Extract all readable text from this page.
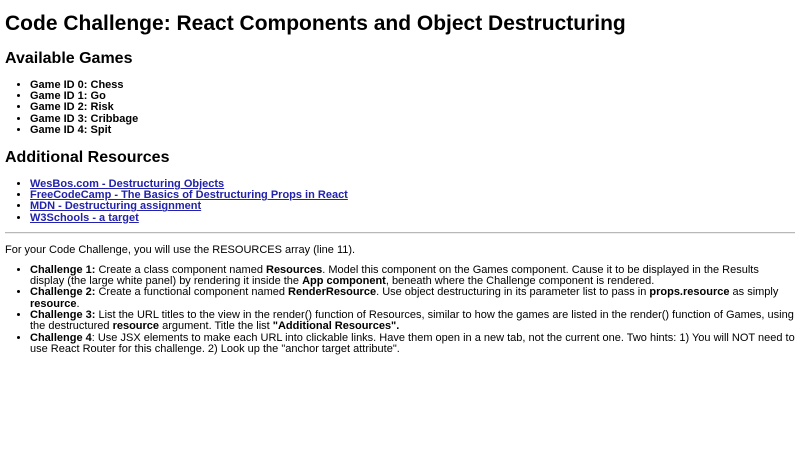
Code Challenge: React Components and Object Destructuring
Available Games
• Game ID 0: Chess
• Game ID 1: Go
• Game ID 2: Risk
• Game ID 3: Cribbage
• Game ID 4: Spit
Additional Resources
• WesBos.com - Destructuring Objects
• FreeCodeCamp - The Basics of Destructuring Props in React
• MDN - Destructuring assignment
• W3Schools - a target

For your Code Challenge, you will use the RESOURCES array (line 11).

• Challenge 1: Create a class component named Resources. Model this component on the Games component. Cause it to be displayed in the Results display (the large white panel) by rendering it inside the App component, beneath where the Challenge component is rendered.
• Challenge 2: Create a functional component named RenderResource. Use object destructuring in its parameter list to pass in props.resource as simply resource.
• Challenge 3: List the URL titles to the view in the render() function of Resources, similar to how the games are listed in the render() function of Games, using the destructured resource argument. Title the list "Additional Resources".
• Challenge 4: Use JSX elements to make each URL into clickable links. Have them open in a new tab, not the current one. Two hints: 1) You will NOT need to use React Router for this challenge. 2) Look up the "anchor target attribute".
